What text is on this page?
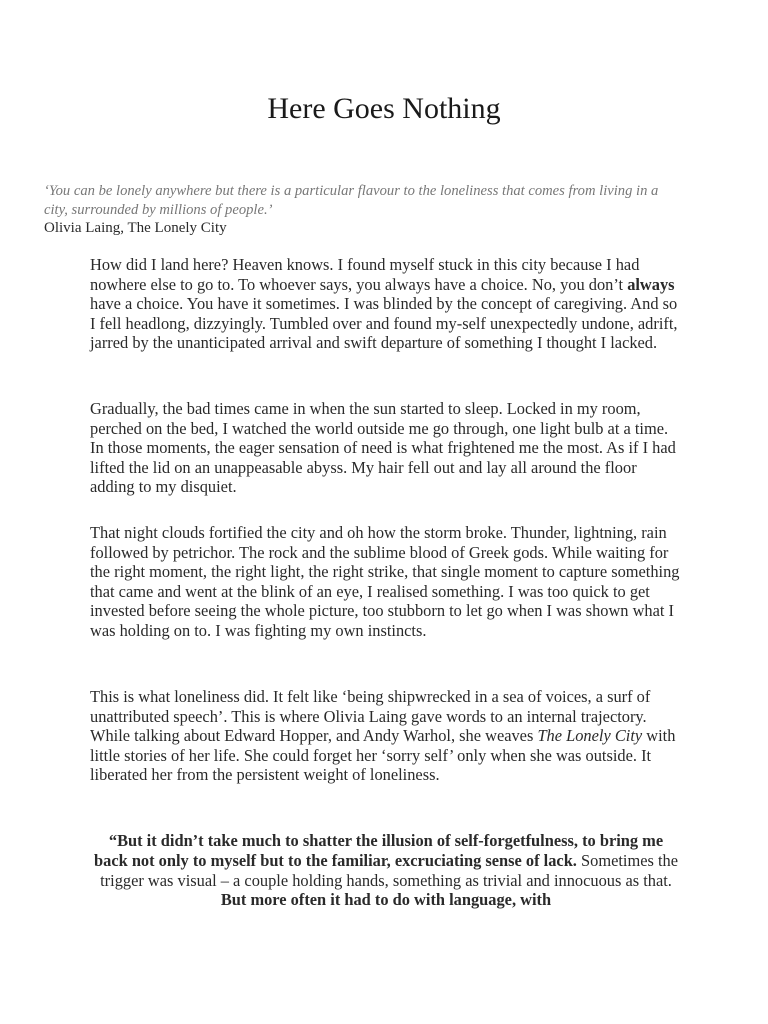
Here Goes Nothing
‘You can be lonely anywhere but there is a particular flavour to the loneliness that comes from living in a city, surrounded by millions of people.’
Olivia Laing, The Lonely City

How did I land here? Heaven knows. I found myself stuck in this city because I had nowhere else to go to. To whoever says, you always have a choice. No, you don’t always have a choice. You have it sometimes. I was blinded by the concept of caregiving. And so I fell headlong, dizzyingly. Tumbled over and found my-self unexpectedly undone, adrift, jarred by the unanticipated arrival and swift departure of something I thought I lacked.

Gradually, the bad times came in when the sun started to sleep. Locked in my room, perched on the bed, I watched the world outside me go through, one light bulb at a time. In those moments, the eager sensation of need is what frightened me the most. As if I had lifted the lid on an unappeasable abyss. My hair fell out and lay all around the floor adding to my disquiet.

That night clouds fortified the city and oh how the storm broke. Thunder, lightning, rain followed by petrichor. The rock and the sublime blood of Greek gods. While waiting for the right moment, the right light, the right strike, that single moment to capture something that came and went at the blink of an eye, I realised something. I was too quick to get invested before seeing the whole picture, too stubborn to let go when I was shown what I was holding on to. I was fighting my own instincts.

This is what loneliness did. It felt like ‘being shipwrecked in a sea of voices, a surf of unattributed speech’. This is where Olivia Laing gave words to an internal trajectory. While talking about Edward Hopper, and Andy Warhol, she weaves The Lonely City with little stories of her life. She could forget her ‘sorry self’ only when she was outside. It liberated her from the persistent weight of loneliness.

“But it didn’t take much to shatter the illusion of self-forgetfulness, to bring me back not only to myself but to the familiar, excruciating sense of lack. Sometimes the trigger was visual – a couple holding hands, something as trivial and innocuous as that. But more often it had to do with language, with
